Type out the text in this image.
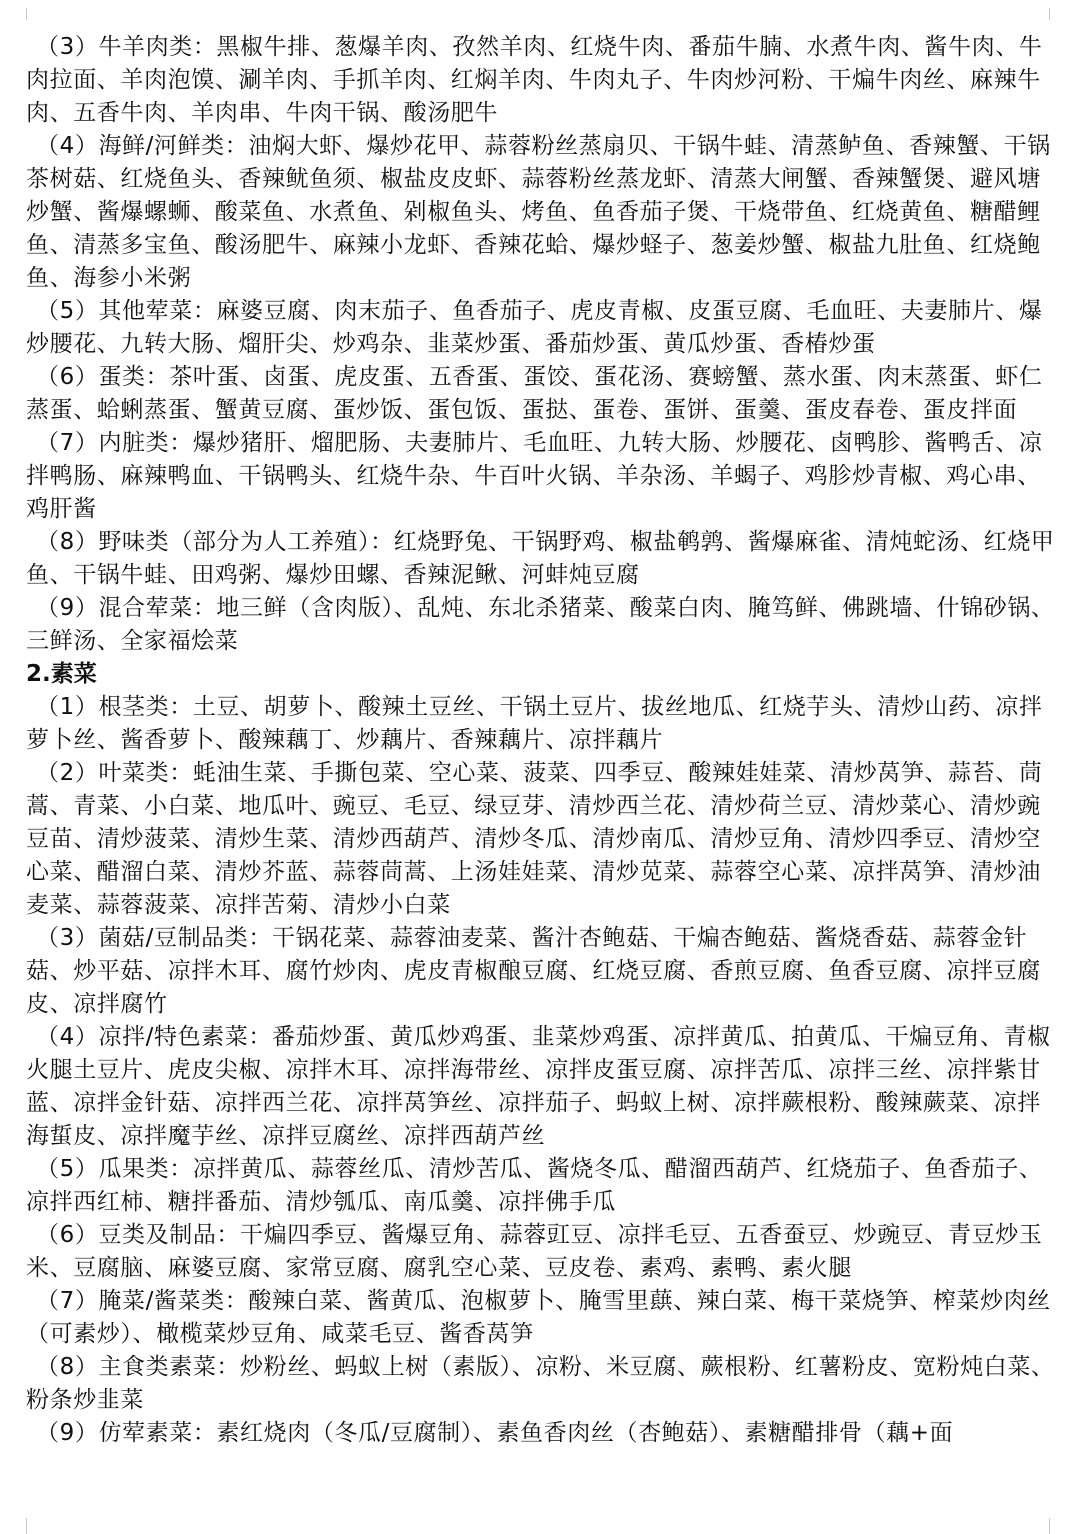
（3）牛羊肉类：黑椒牛排、葱爆羊肉、孜然羊肉、红烧牛肉、番茄牛腩、水煮牛肉、酱牛肉、牛肉拉面、羊肉泡馍、涮羊肉、手抓羊肉、红焖羊肉、牛肉丸子、牛肉炒河粉、干煸牛肉丝、麻辣牛肉、五香牛肉、羊肉串、牛肉干锅、酸汤肥牛

（4）海鲜/河鲜类：油焖大虾、爆炒花甲、蒜蓉粉丝蒸扇贝、干锅牛蛙、清蒸鲈鱼、香辣蟹、干锅茶树菇、红烧鱼头、香辣鱿鱼须、椒盐皮皮虾、蒜蓉粉丝蒸龙虾、清蒸大闸蟹、香辣蟹煲、避风塘炒蟹、酱爆螺蛳、酸菜鱼、水煮鱼、剁椒鱼头、烤鱼、鱼香茄子煲、干烧带鱼、红烧黄鱼、糖醋鲤鱼、清蒸多宝鱼、酸汤肥牛、麻辣小龙虾、香辣花蛤、爆炒蛏子、葱姜炒蟹、椒盐九肚鱼、红烧鲍鱼、海参小米粥

（5）其他荤菜：麻婆豆腐、肉末茄子、鱼香茄子、虎皮青椒、皮蛋豆腐、毛血旺、夫妻肺片、爆炒腰花、九转大肠、熘肝尖、炒鸡杂、韭菜炒蛋、番茄炒蛋、黄瓜炒蛋、香椿炒蛋

（6）蛋类：茶叶蛋、卤蛋、虎皮蛋、五香蛋、蛋饺、蛋花汤、赛螃蟹、蒸水蛋、肉末蒸蛋、虾仁蒸蛋、蛤蜊蒸蛋、蟹黄豆腐、蛋炒饭、蛋包饭、蛋挞、蛋卷、蛋饼、蛋羹、蛋皮春卷、蛋皮拌面

（7）内脏类：爆炒猪肝、熘肥肠、夫妻肺片、毛血旺、九转大肠、炒腰花、卤鸭胗、酱鸭舌、凉拌鸭肠、麻辣鸭血、干锅鸭头、红烧牛杂、牛百叶火锅、羊杂汤、羊蝎子、鸡胗炒青椒、鸡心串、鸡肝酱

（8）野味类（部分为人工养殖）：红烧野兔、干锅野鸡、椒盐鹌鹑、酱爆麻雀、清炖蛇汤、红烧甲鱼、干锅牛蛙、田鸡粥、爆炒田螺、香辣泥鳅、河蚌炖豆腐

（9）混合荤菜：地三鲜（含肉版）、乱炖、东北杀猪菜、酸菜白肉、腌笃鲜、佛跳墙、什锦砂锅、三鲜汤、全家福烩菜

2.素菜

（1）根茎类：土豆、胡萝卜、酸辣土豆丝、干锅土豆片、拔丝地瓜、红烧芋头、清炒山药、凉拌萝卜丝、酱香萝卜、酸辣藕丁、炒藕片、香辣藕片、凉拌藕片

（2）叶菜类：蚝油生菜、手撕包菜、空心菜、菠菜、四季豆、酸辣娃娃菜、清炒莴笋、蒜苔、茼蒿、青菜、小白菜、地瓜叶、豌豆、毛豆、绿豆芽、清炒西兰花、清炒荷兰豆、清炒菜心、清炒豌豆苗、清炒菠菜、清炒生菜、清炒西葫芦、清炒冬瓜、清炒南瓜、清炒豆角、清炒四季豆、清炒空心菜、醋溜白菜、清炒芥蓝、蒜蓉茼蒿、上汤娃娃菜、清炒苋菜、蒜蓉空心菜、凉拌莴笋、清炒油麦菜、蒜蓉菠菜、凉拌苦菊、清炒小白菜

（3）菌菇/豆制品类：干锅花菜、蒜蓉油麦菜、酱汁杏鲍菇、干煸杏鲍菇、酱烧香菇、蒜蓉金针菇、炒平菇、凉拌木耳、腐竹炒肉、虎皮青椒酿豆腐、红烧豆腐、香煎豆腐、鱼香豆腐、凉拌豆腐皮、凉拌腐竹

（4）凉拌/特色素菜：番茄炒蛋、黄瓜炒鸡蛋、韭菜炒鸡蛋、凉拌黄瓜、拍黄瓜、干煸豆角、青椒火腿土豆片、虎皮尖椒、凉拌木耳、凉拌海带丝、凉拌皮蛋豆腐、凉拌苦瓜、凉拌三丝、凉拌紫甘蓝、凉拌金针菇、凉拌西兰花、凉拌莴笋丝、凉拌茄子、蚂蚁上树、凉拌蕨根粉、酸辣蕨菜、凉拌海蜇皮、凉拌魔芋丝、凉拌豆腐丝、凉拌西葫芦丝

（5）瓜果类：凉拌黄瓜、蒜蓉丝瓜、清炒苦瓜、酱烧冬瓜、醋溜西葫芦、红烧茄子、鱼香茄子、凉拌西红柿、糖拌番茄、清炒瓠瓜、南瓜羹、凉拌佛手瓜

（6）豆类及制品：干煸四季豆、酱爆豆角、蒜蓉豇豆、凉拌毛豆、五香蚕豆、炒豌豆、青豆炒玉米、豆腐脑、麻婆豆腐、家常豆腐、腐乳空心菜、豆皮卷、素鸡、素鸭、素火腿

（7）腌菜/酱菜类：酸辣白菜、酱黄瓜、泡椒萝卜、腌雪里蕻、辣白菜、梅干菜烧笋、榨菜炒肉丝（可素炒）、橄榄菜炒豆角、咸菜毛豆、酱香莴笋

（8）主食类素菜：炒粉丝、蚂蚁上树（素版）、凉粉、米豆腐、蕨根粉、红薯粉皮、宽粉炖白菜、粉条炒韭菜

（9）仿荤素菜：素红烧肉（冬瓜/豆腐制）、素鱼香肉丝（杏鲍菇）、素糖醋排骨（藕+面
